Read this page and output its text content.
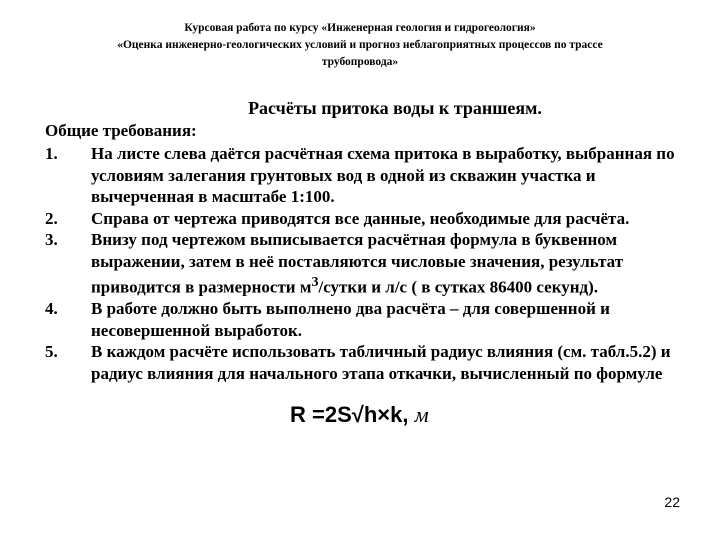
Курсовая работа по курсу «Инженерная геология и гидрогеология»
«Оценка инженерно-геологических условий и прогноз неблагоприятных процессов по трассе
трубопровода»
Расчёты притока воды к траншеям.
Общие требования:
1.	На листе слева даётся расчётная схема притока в выработку, выбранная по условиям залегания грунтовых вод в одной из скважин участка и вычерченная в масштабе 1:100.
2.	Справа от чертежа приводятся все данные, необходимые для расчёта.
3.	Внизу под чертежом выписывается расчётная формула в буквенном выражении, затем в неё поставляются числовые значения, результат приводится в размерности $м^3$/сутки и л/с ( в сутках 86400 секунд).
4.	В работе должно быть выполнено два расчёта – для совершенной и несовершенной выработок.
5.	В каждом расчёте использовать табличный радиус влияния (см. табл.5.2) и радиус влияния для начального этапа откачки, вычисленный по формуле
R =2S√h×k, м
22
